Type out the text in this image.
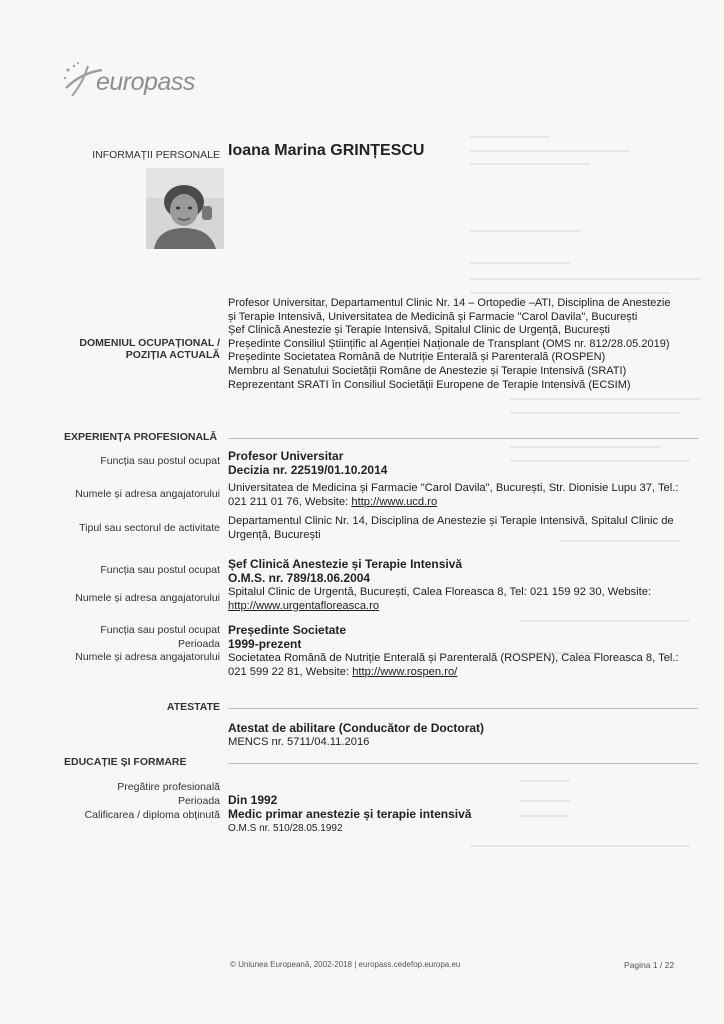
europass
INFORMAȚII PERSONALE Ioana Marina GRINȚESCU
DOMENIUL OCUPAȚIONAL /
POZIȚIA ACTUALĂ
Profesor Universitar, Departamentul Clinic Nr. 14 – Ortopedie –ATI, Disciplina de Anestezie
și Terapie Intensivă, Universitatea de Medicină și Farmacie "Carol Davila", București
Șef Clinică Anestezie și Terapie Intensivă, Spitalul Clinic de Urgență, București
Președinte Consiliul Științific al Agenției Naționale de Transplant (OMS nr. 812/28.05.2019)
Președinte Societatea Română de Nutriție Enterală și Parenterală (ROSPEN)
Membru al Senatului Societății Române de Anestezie și Terapie Intensivă (SRATI)
Reprezentant SRATI în Consiliul Societății Europene de Terapie Intensivă (ECSIM)
EXPERIENȚA PROFESIONALĂ
Funcția sau postul ocupat Profesor Universitar
Decizia nr. 22519/01.10.2014
Numele și adresa angajatorului Universitatea de Medicina și Farmacie "Carol Davila", București, Str. Dionisie Lupu 37, Tel.:
021 211 01 76, Website: http://www.ucd.ro
Tipul sau sectorul de activitate
Departamentul Clinic Nr. 14, Disciplina de Anestezie și Terapie Intensivă, Spitalul Clinic de
Urgență, București
Funcția sau postul ocupat Șef Clinică Anestezie și Terapie Intensivă
O.M.S. nr. 789/18.06.2004
Numele și adresa angajatorului Spitalul Clinic de Urgentă, București, Calea Floreasca 8, Tel: 021 159 92 30, Website:
http://www.urgentafloreasca.ro
Funcția sau postul ocupat
Perioada
Numele și adresa angajatorului
Președinte Societate
1999-prezent
Societatea Română de Nutriție Enterală și Parenterală (ROSPEN), Calea Floreasca 8, Tel.:
021 599 22 81, Website: http://www.rospen.ro/
ATESTATE
Atestat de abilitare (Conducător de Doctorat)
MENCS nr. 5711/04.11.2016
EDUCAȚIE ȘI FORMARE
Pregătire profesională
Perioada
Calificarea / diploma obținută
Din 1992
Medic primar anestezie și terapie intensivă
O.M.S nr. 510/28.05.1992
© Uniunea Europeană, 2002-2018 | europass.cedefop.europa.eu	Pagina 1 / 22
